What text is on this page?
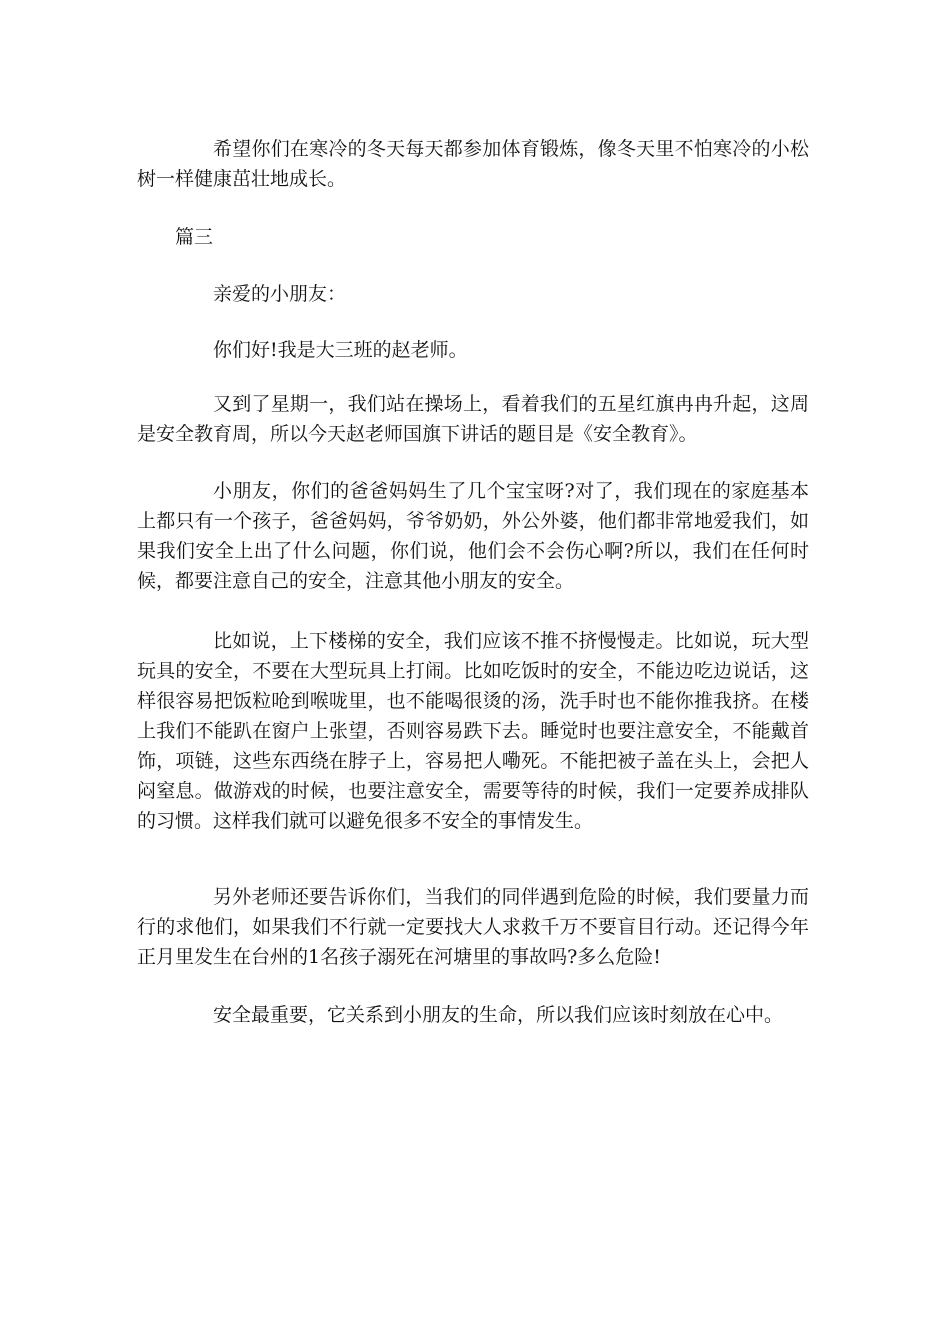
希望你们在寒冷的冬天每天都参加体育锻炼，像冬天里不怕寒冷的小松树一样健康茁壮地成长。

篇三

亲爱的小朋友：

你们好!我是大三班的赵老师。

又到了星期一，我们站在操场上，看着我们的五星红旗冉冉升起，这周是安全教育周，所以今天赵老师国旗下讲话的题目是《安全教育》。

小朋友，你们的爸爸妈妈生了几个宝宝呀?对了，我们现在的家庭基本上都只有一个孩子，爸爸妈妈，爷爷奶奶，外公外婆，他们都非常地爱我们，如果我们安全上出了什么问题，你们说，他们会不会伤心啊?所以，我们在任何时候，都要注意自己的安全，注意其他小朋友的安全。

比如说，上下楼梯的安全，我们应该不推不挤慢慢走。比如说，玩大型玩具的安全，不要在大型玩具上打闹。比如吃饭时的安全，不能边吃边说话，这样很容易把饭粒呛到喉咙里，也不能喝很烫的汤，洗手时也不能你推我挤。在楼上我们不能趴在窗户上张望，否则容易跌下去。睡觉时也要注意安全，不能戴首饰，项链，这些东西绕在脖子上，容易把人嘞死。不能把被子盖在头上，会把人闷窒息。做游戏的时候，也要注意安全，需要等待的时候，我们一定要养成排队的习惯。这样我们就可以避免很多不安全的事情发生。

另外老师还要告诉你们，当我们的同伴遇到危险的时候，我们要量力而行的求他们，如果我们不行就一定要找大人求救千万不要盲目行动。还记得今年正月里发生在台州的1名孩子溺死在河塘里的事故吗?多么危险!

安全最重要，它关系到小朋友的生命，所以我们应该时刻放在心中。
